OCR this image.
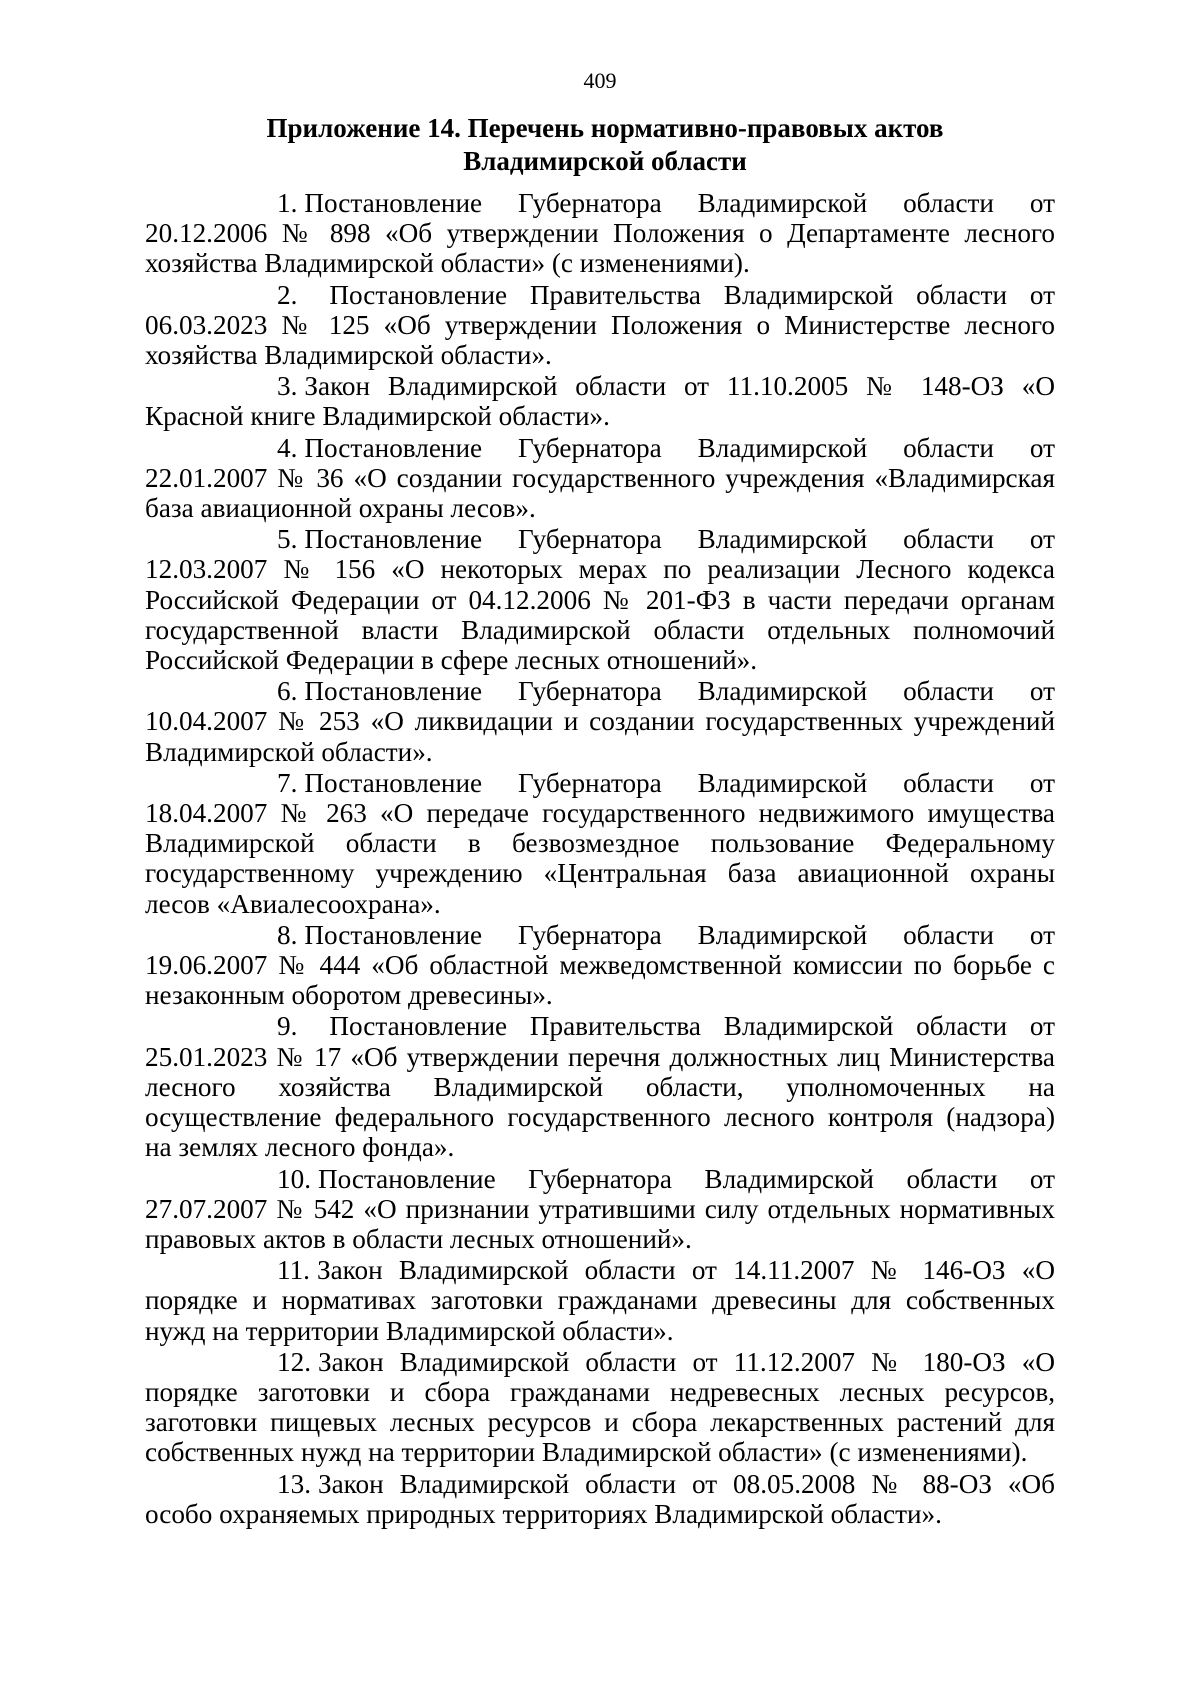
409
Приложение 14. Перечень нормативно-правовых актов Владимирской области
1. Постановление Губернатора Владимирской области от 20.12.2006 № 898 «Об утверждении Положения о Департаменте лесного хозяйства Владимирской области» (с изменениями).
2. Постановление Правительства Владимирской области от 06.03.2023 № 125 «Об утверждении Положения о Министерстве лесного хозяйства Владимирской области».
3. Закон Владимирской области от 11.10.2005 № 148-ОЗ «О Красной книге Владимирской области».
4. Постановление Губернатора Владимирской области от 22.01.2007 № 36 «О создании государственного учреждения «Владимирская база авиационной охраны лесов».
5. Постановление Губернатора Владимирской области от 12.03.2007 № 156 «О некоторых мерах по реализации Лесного кодекса Российской Федерации от 04.12.2006 № 201-ФЗ в части передачи органам государственной власти Владимирской области отдельных полномочий Российской Федерации в сфере лесных отношений».
6. Постановление Губернатора Владимирской области от 10.04.2007 № 253 «О ликвидации и создании государственных учреждений Владимирской области».
7. Постановление Губернатора Владимирской области от 18.04.2007 № 263 «О передаче государственного недвижимого имущества Владимирской области в безвозмездное пользование Федеральному государственному учреждению «Центральная база авиационной охраны лесов «Авиалесоохрана».
8. Постановление Губернатора Владимирской области от 19.06.2007 № 444 «Об областной межведомственной комиссии по борьбе с незаконным оборотом древесины».
9. Постановление Правительства Владимирской области от 25.01.2023 № 17 «Об утверждении перечня должностных лиц Министерства лесного хозяйства Владимирской области, уполномоченных на осуществление федерального государственного лесного контроля (надзора) на землях лесного фонда».
10. Постановление Губернатора Владимирской области от 27.07.2007 № 542 «О признании утратившими силу отдельных нормативных правовых актов в области лесных отношений».
11. Закон Владимирской области от 14.11.2007 № 146-ОЗ «О порядке и нормативах заготовки гражданами древесины для собственных нужд на территории Владимирской области».
12. Закон Владимирской области от 11.12.2007 № 180-ОЗ «О порядке заготовки и сбора гражданами недревесных лесных ресурсов, заготовки пищевых лесных ресурсов и сбора лекарственных растений для собственных нужд на территории Владимирской области» (с изменениями).
13. Закон Владимирской области от 08.05.2008 № 88-ОЗ «Об особо охраняемых природных территориях Владимирской области».
